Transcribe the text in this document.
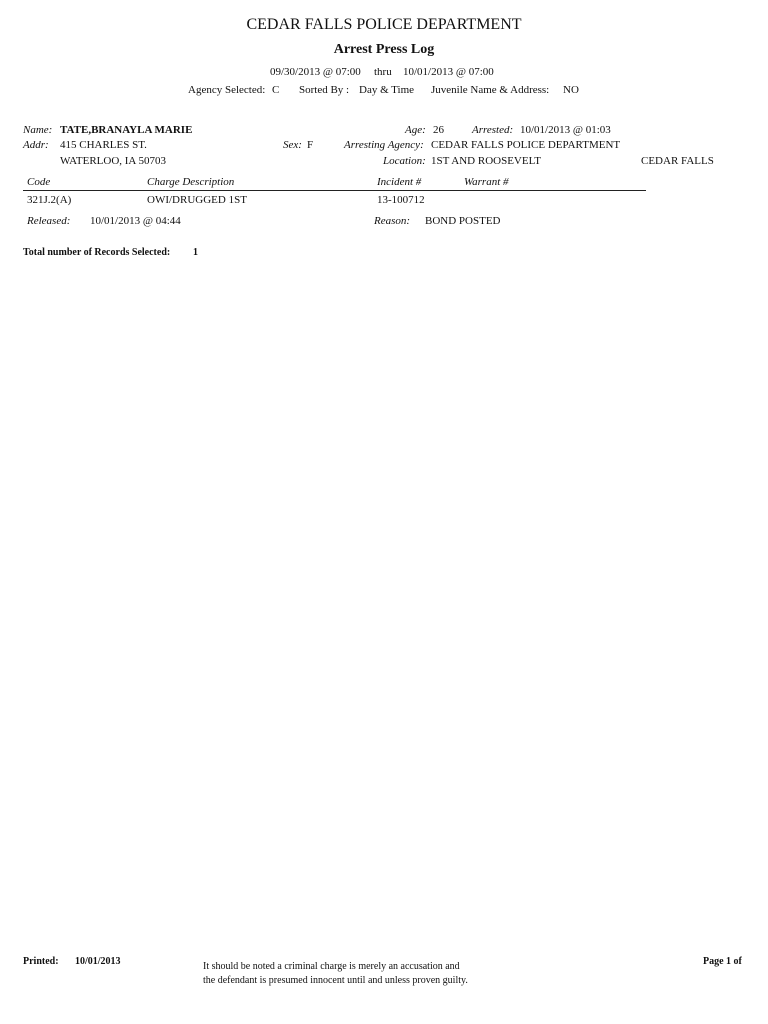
CEDAR FALLS POLICE DEPARTMENT
Arrest Press Log
09/30/2013 @ 07:00 thru 10/01/2013 @ 07:00
Agency Selected: C Sorted By : Day & Time Juvenile Name & Address: NO
Name: TATE,BRANAYLA MARIE	Age: 26	Arrested: 10/01/2013 @ 01:03
Addr: 415 CHARLES ST.	Sex: F	Arresting Agency: CEDAR FALLS POLICE DEPARTMENT
WATERLOO, IA 50703	Location: 1ST AND ROOSEVELT	CEDAR FALLS
Code	Charge Description	Incident #	Warrant #
321J.2(A)	OWI/DRUGGED 1ST	13-100712
Released: 10/01/2013 @ 04:44	Reason: BOND POSTED
Total number of Records Selected: 1
Printed: 10/01/2013	It should be noted a criminal charge is merely an accusation and
the defendant is presumed innocent until and unless proven guilty.
Page 1 of
